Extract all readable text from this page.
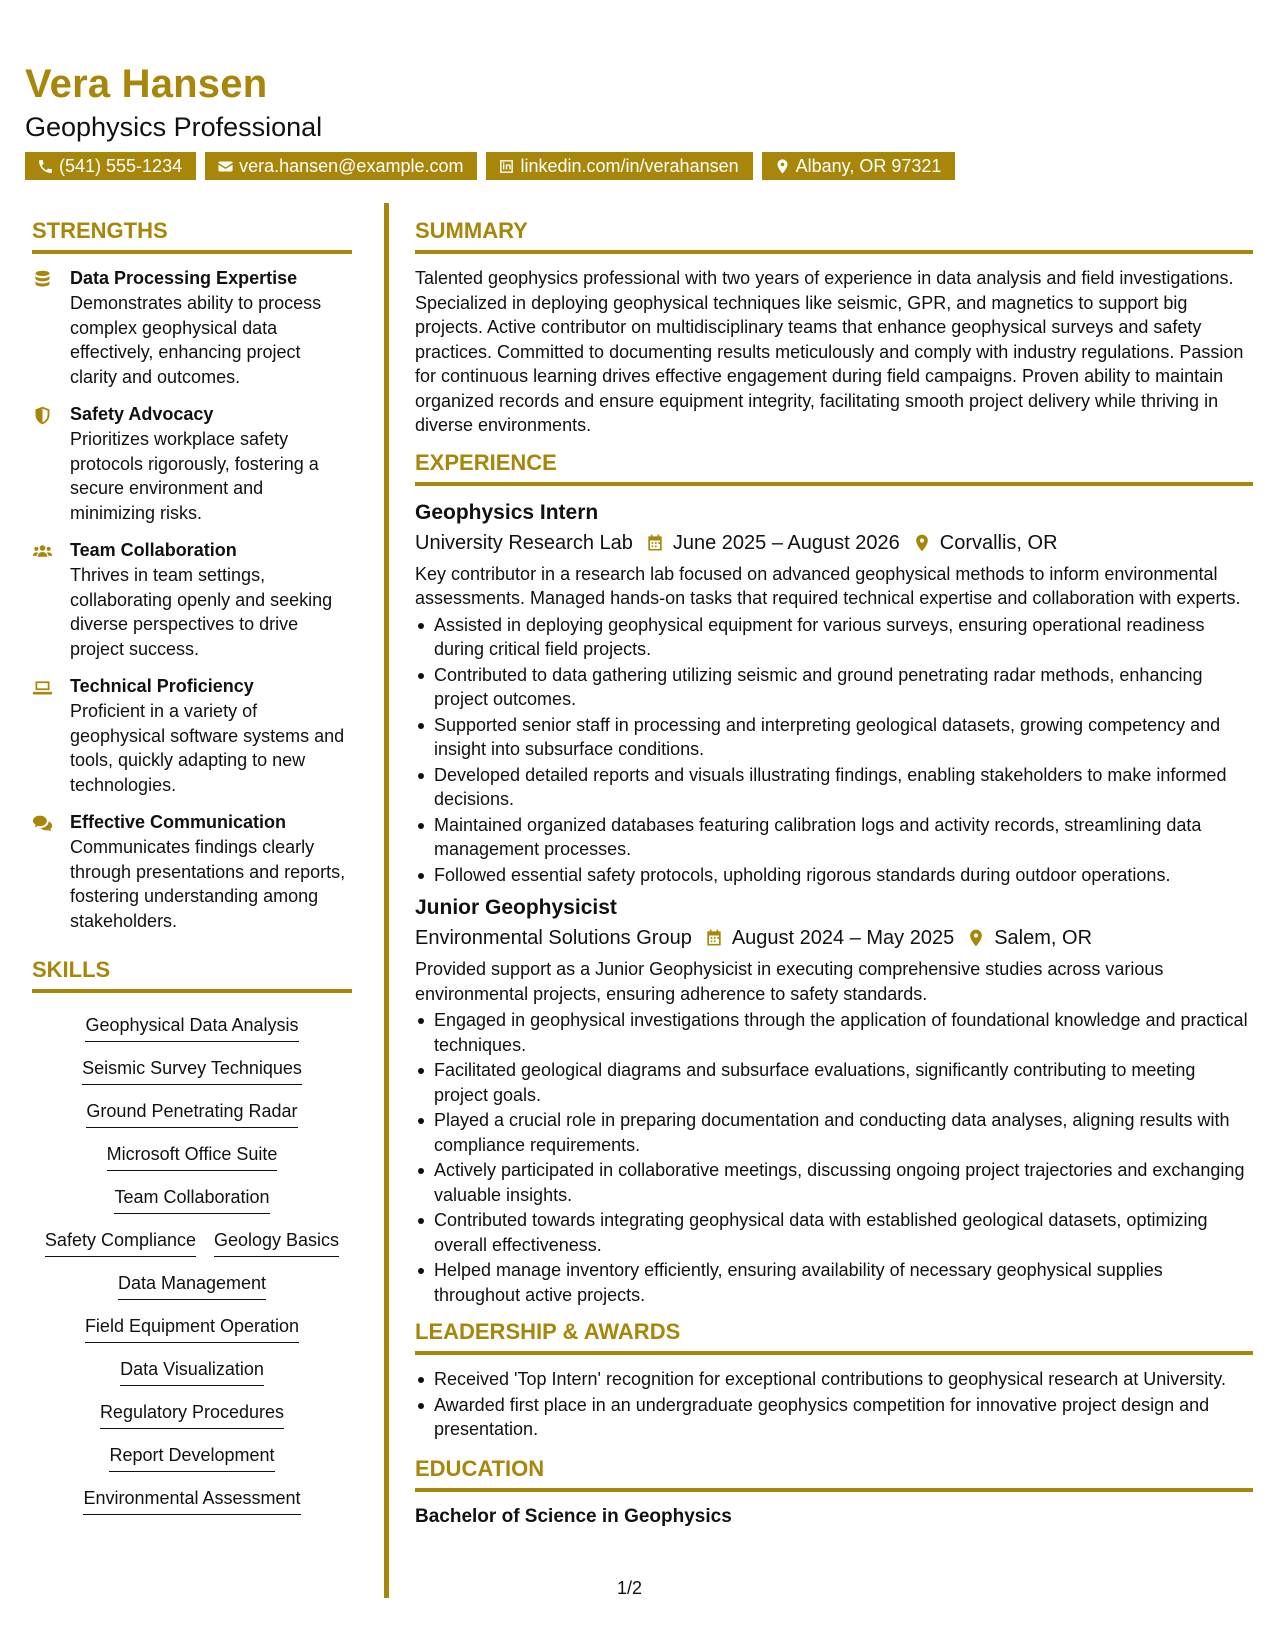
Vera Hansen
Geophysics Professional
(541) 555-1234	vera.hansen@example.com	linkedin.com/in/verahansen	Albany, OR 97321
STRENGTHS
Data Processing Expertise
Demonstrates ability to process complex geophysical data effectively, enhancing project clarity and outcomes.
Safety Advocacy
Prioritizes workplace safety protocols rigorously, fostering a secure environment and minimizing risks.
Team Collaboration
Thrives in team settings, collaborating openly and seeking diverse perspectives to drive project success.
Technical Proficiency
Proficient in a variety of geophysical software systems and tools, quickly adapting to new technologies.
Effective Communication
Communicates findings clearly through presentations and reports, fostering understanding among stakeholders.
SKILLS
Geophysical Data Analysis
Seismic Survey Techniques
Ground Penetrating Radar
Microsoft Office Suite
Team Collaboration
Safety Compliance Geology Basics
Data Management
Field Equipment Operation
Data Visualization
Regulatory Procedures
Report Development
Environmental Assessment
SUMMARY
Talented geophysics professional with two years of experience in data analysis and field investigations. Specialized in deploying geophysical techniques like seismic, GPR, and magnetics to support big projects. Active contributor on multidisciplinary teams that enhance geophysical surveys and safety practices. Committed to documenting results meticulously and comply with industry regulations. Passion for continuous learning drives effective engagement during field campaigns. Proven ability to maintain organized records and ensure equipment integrity, facilitating smooth project delivery while thriving in diverse environments.
EXPERIENCE
Geophysics Intern
University Research Lab June 2025 – August 2026 Corvallis, OR
Key contributor in a research lab focused on advanced geophysical methods to inform environmental assessments. Managed hands-on tasks that required technical expertise and collaboration with experts.
Assisted in deploying geophysical equipment for various surveys, ensuring operational readiness during critical field projects.
Contributed to data gathering utilizing seismic and ground penetrating radar methods, enhancing project outcomes.
Supported senior staff in processing and interpreting geological datasets, growing competency and insight into subsurface conditions.
Developed detailed reports and visuals illustrating findings, enabling stakeholders to make informed decisions.
Maintained organized databases featuring calibration logs and activity records, streamlining data management processes.
Followed essential safety protocols, upholding rigorous standards during outdoor operations.
Junior Geophysicist
Environmental Solutions Group August 2024 – May 2025 Salem, OR
Provided support as a Junior Geophysicist in executing comprehensive studies across various environmental projects, ensuring adherence to safety standards.
Engaged in geophysical investigations through the application of foundational knowledge and practical techniques.
Facilitated geological diagrams and subsurface evaluations, significantly contributing to meeting project goals.
Played a crucial role in preparing documentation and conducting data analyses, aligning results with compliance requirements.
Actively participated in collaborative meetings, discussing ongoing project trajectories and exchanging valuable insights.
Contributed towards integrating geophysical data with established geological datasets, optimizing overall effectiveness.
Helped manage inventory efficiently, ensuring availability of necessary geophysical supplies throughout active projects.
LEADERSHIP & AWARDS
Received 'Top Intern' recognition for exceptional contributions to geophysical research at University.
Awarded first place in an undergraduate geophysics competition for innovative project design and presentation.
EDUCATION
Bachelor of Science in Geophysics
1/2
